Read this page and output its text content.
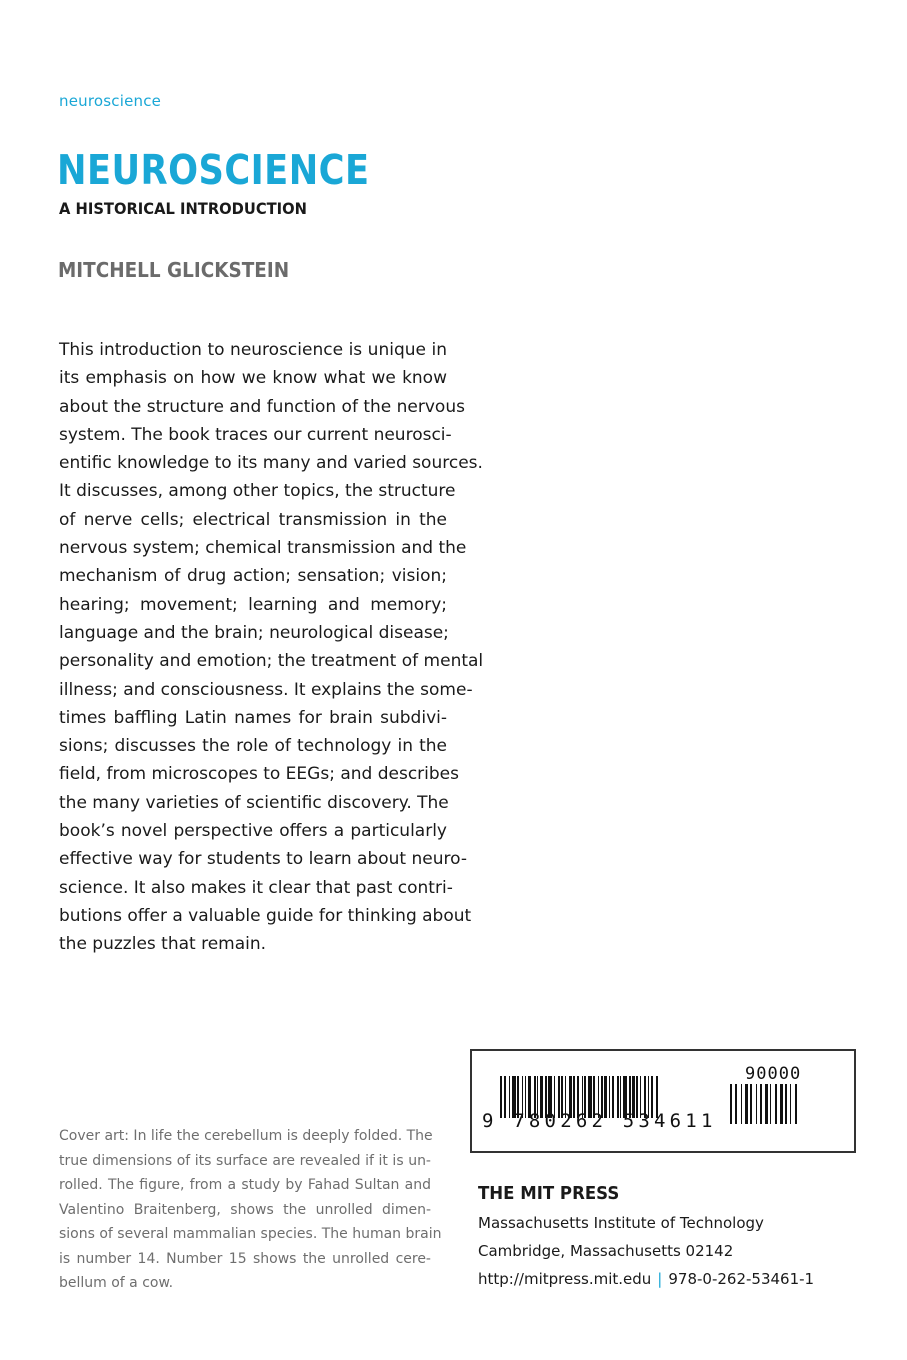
neuroscience
NEUROSCIENCE
A HISTORICAL INTRODUCTION
MITCHELL GLICKSTEIN
This introduction to neuroscience is unique in
its emphasis on how we know what we know
about the structure and function of the nervous
system. The book traces our current neurosci-
entific knowledge to its many and varied sources.
It discusses, among other topics, the structure
of nerve cells; electrical transmission in the
nervous system; chemical transmission and the
mechanism of drug action; sensation; vision;
hearing; movement; learning and memory;
language and the brain; neurological disease;
personality and emotion; the treatment of mental
illness; and consciousness. It explains the some-
times baffling Latin names for brain subdivi-
sions; discusses the role of technology in the
field, from microscopes to EEGs; and describes
the many varieties of scientific discovery. The
book’s novel perspective offers a particularly
effective way for students to learn about neuro-
science. It also makes it clear that past contri-
butions offer a valuable guide for thinking about
the puzzles that remain.
Cover art: In life the cerebellum is deeply folded. The
true dimensions of its surface are revealed if it is un-
rolled. The figure, from a study by Fahad Sultan and
Valentino Braitenberg, shows the unrolled dimen-
sions of several mammalian species. The human brain
is number 14. Number 15 shows the unrolled cere-
bellum of a cow.
9 780262 534611
90000
THE MIT PRESS
Massachusetts Institute of Technology
Cambridge, Massachusetts 02142
http://mitpress.mit.edu | 978-0-262-53461-1
